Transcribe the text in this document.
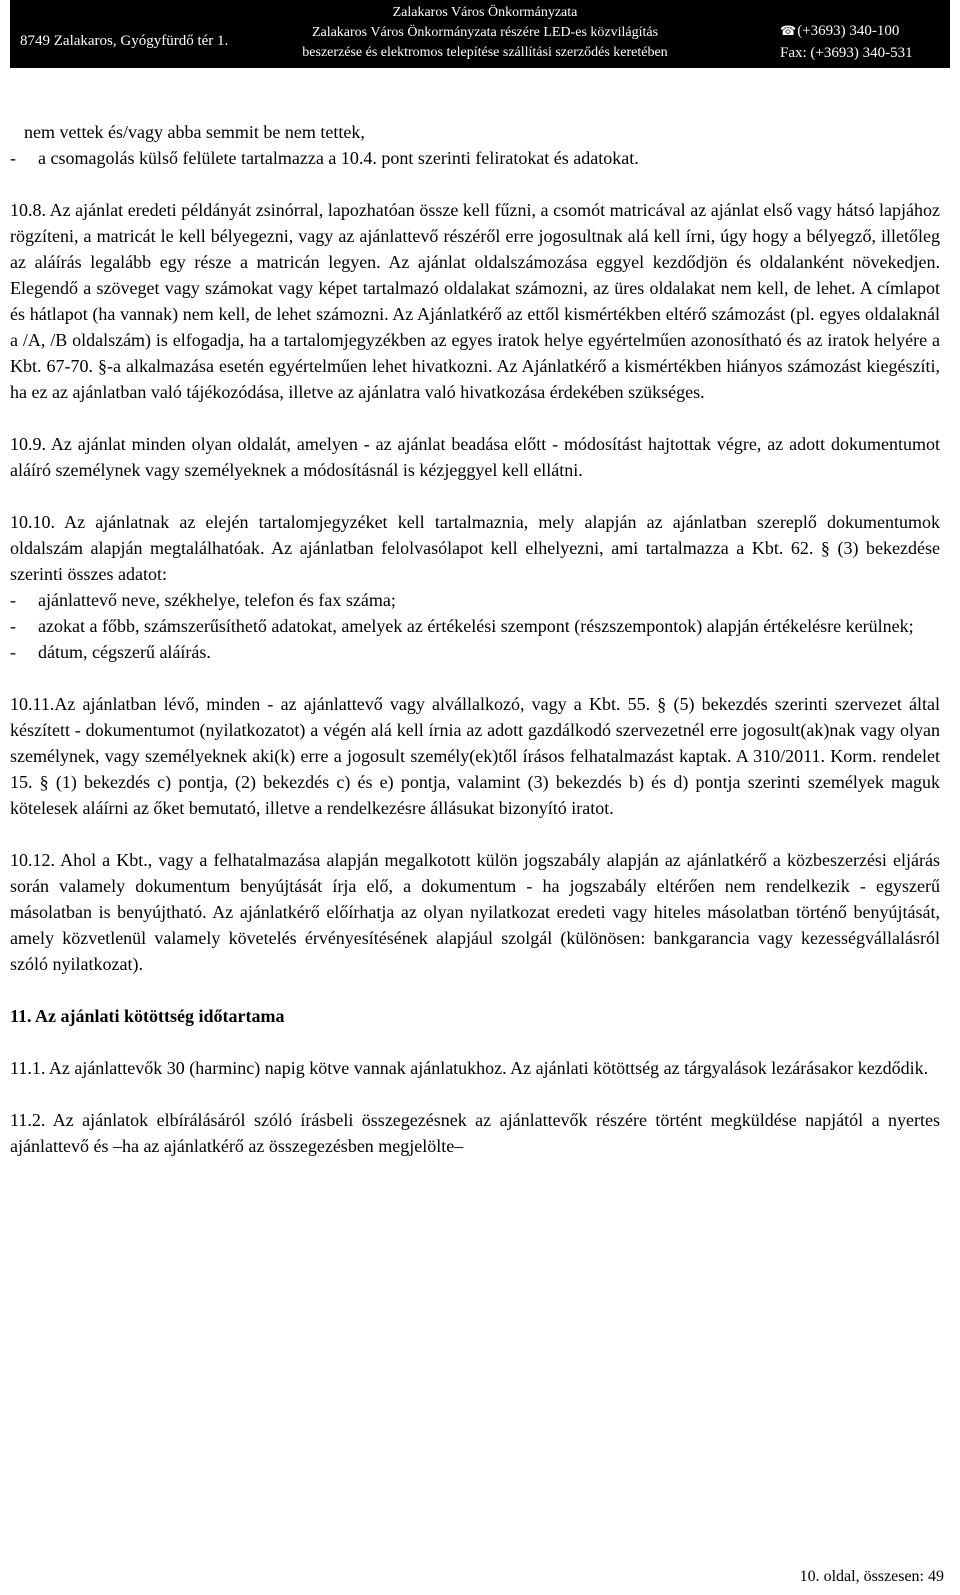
8749 Zalakaros, Gyógyfürdő tér 1.
Zalakaros Város Önkormányzata
Zalakaros Város Önkormányzata részére LED-es közvilágítás
beszerzése és elektromos telepítése szállítási szerződés keretében
☎(+3693) 340-100
Fax: (+3693) 340-531

nem vettek és/vagy abba semmit be nem tettek,

- a csomagolás külső felülete tartalmazza a 10.4. pont szerinti feliratokat és adatokat.

10.8. Az ajánlat eredeti példányát zsinórral, lapozhatóan össze kell fűzni, a csomót matricával az ajánlat első vagy hátsó lapjához rögzíteni, a matricát le kell bélyegezni, vagy az ajánlattevő részéről erre jogosultnak alá kell írni, úgy hogy a bélyegző, illetőleg az aláírás legalább egy része a matricán legyen. Az ajánlat oldalszámozása eggyel kezdődjön és oldalanként növekedjen. Elegendő a szöveget vagy számokat vagy képet tartalmazó oldalakat számozni, az üres oldalakat nem kell, de lehet. A címlapot és hátlapot (ha vannak) nem kell, de lehet számozni. Az Ajánlatkérő az ettől kismértékben eltérő számozást (pl. egyes oldalaknál a /A, /B oldalszám) is elfogadja, ha a tartalomjegyzékben az egyes iratok helye egyértelműen azonosítható és az iratok helyére a Kbt. 67-70. §-a alkalmazása esetén egyértelműen lehet hivatkozni. Az Ajánlatkérő a kismértékben hiányos számozást kiegészíti, ha ez az ajánlatban való tájékozódása, illetve az ajánlatra való hivatkozása érdekében szükséges.

10.9. Az ajánlat minden olyan oldalát, amelyen - az ajánlat beadása előtt - módosítást hajtottak végre, az adott dokumentumot aláíró személynek vagy személyeknek a módosításnál is kézjeggyel kell ellátni.

10.10. Az ajánlatnak az elején tartalomjegyzéket kell tartalmaznia, mely alapján az ajánlatban szereplő dokumentumok oldalszám alapján megtalálhatóak. Az ajánlatban felolvasólapot kell elhelyezni, ami tartalmazza a Kbt. 62. § (3) bekezdése szerinti összes adatot:

- ajánlattevő neve, székhelye, telefon és fax száma;
- azokat a főbb, számszerűsíthető adatokat, amelyek az értékelési szempont (részszempontok) alapján értékelésre kerülnek;
- dátum, cégszerű aláírás.

10.11.Az ajánlatban lévő, minden - az ajánlattevő vagy alvállalkozó, vagy a Kbt. 55. § (5) bekezdés szerinti szervezet által készített - dokumentumot (nyilatkozatot) a végén alá kell írnia az adott gazdálkodó szervezetnél erre jogosult(ak)nak vagy olyan személynek, vagy személyeknek aki(k) erre a jogosult személy(ek)től írásos felhatalmazást kaptak. A 310/2011. Korm. rendelet 15. § (1) bekezdés c) pontja, (2) bekezdés c) és e) pontja, valamint (3) bekezdés b) és d) pontja szerinti személyek maguk kötelesek aláírni az őket bemutató, illetve a rendelkezésre állásukat bizonyító iratot.

10.12. Ahol a Kbt., vagy a felhatalmazása alapján megalkotott külön jogszabály alapján az ajánlatkérő a közbeszerzési eljárás során valamely dokumentum benyújtását írja elő, a dokumentum - ha jogszabály eltérően nem rendelkezik - egyszerű másolatban is benyújtható. Az ajánlatkérő előírhatja az olyan nyilatkozat eredeti vagy hiteles másolatban történő benyújtását, amely közvetlenül valamely követelés érvényesítésének alapjául szolgál (különösen: bankgarancia vagy kezességvállalásról szóló nyilatkozat).

11. Az ajánlati kötöttség időtartama

11.1. Az ajánlattevők 30 (harminc) napig kötve vannak ajánlatukhoz. Az ajánlati kötöttség az tárgyalások lezárásakor kezdődik.

11.2. Az ajánlatok elbírálásáról szóló írásbeli összegezésnek az ajánlattevők részére történt megküldése napjától a nyertes ajánlattevő és –ha az ajánlatkérő az összegezésben megjelölte–

10. oldal, összesen: 49
